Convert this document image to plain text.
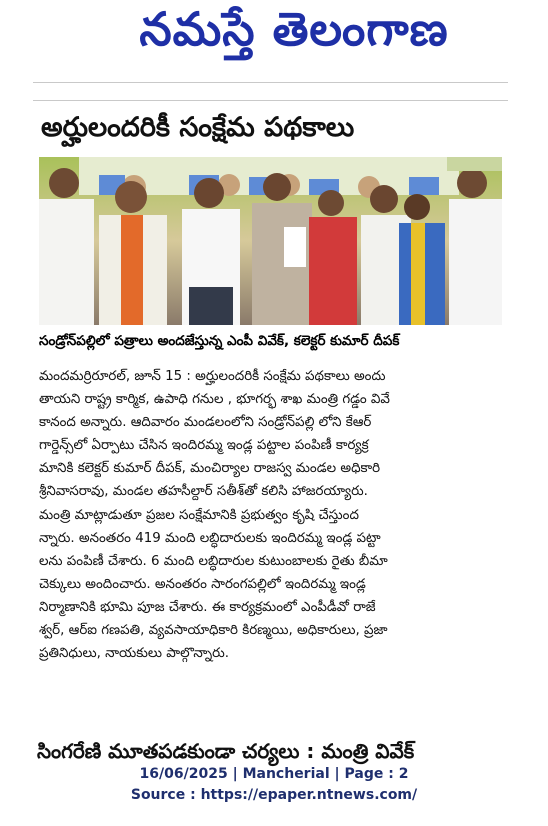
నమస్తే తెలంగాణ
అర్హులందరికీ సంక్షేమ పథకాలు
సండ్రోన్‌పల్లిలో పత్రాలు అందజేస్తున్న ఎంపీ వివేక్, కలెక్టర్ కుమార్ దీపక్
మందమర్రిరూరల్, జూన్ 15 : అర్హులందరికీ సంక్షేమ పథకాలు అందు
తాయని రాష్ట్ర కార్మిక, ఉపాధి గనుల , భూగర్భ శాఖ మంత్రి గడ్డం వివే
కానంద అన్నారు. ఆదివారం మండలంలోని సండ్రోన్‌పల్లి లోని కేఆర్
గార్డెన్స్‌లో ఏర్పాటు చేసిన ఇందిరమ్మ ఇండ్ల పట్టాల పంపిణీ కార్యక్ర
మానికి కలెక్టర్ కుమార్ దీపక్, మంచిర్యాల రాజస్వ మండల అధికారి
శ్రీనివాసరావు, మండల తహసీల్దార్ సతీశ్‌తో కలిసి హాజరయ్యారు.
మంత్రి మాట్లాడుతూ ప్రజల సంక్షేమానికి ప్రభుత్వం కృషి చేస్తుంద
న్నారు. అనంతరం 419 మంది లబ్ధిదారులకు ఇందిరమ్మ ఇండ్ల పట్టా
లను పంపిణీ చేశారు. 6 మంది లబ్ధిదారుల కుటుంబాలకు రైతు బీమా
చెక్కులు అందించారు. అనంతరం సారంగపల్లిలో ఇందిరమ్మ ఇండ్ల
నిర్మాణానికి భూమి పూజ చేశారు. ఈ కార్యక్రమంలో ఎంపీడీవో రాజే
శ్వర్, ఆర్ఐ గణపతి, వ్యవసాయాధికారి కిరణ్మయి, అధికారులు, ప్రజా
ప్రతినిధులు, నాయకులు పాల్గొన్నారు.
సింగరేణి మూతపడకుండా చర్యలు : మంత్రి వివేక్
16/06/2025 | Mancherial | Page : 2
Source : https://epaper.ntnews.com/
